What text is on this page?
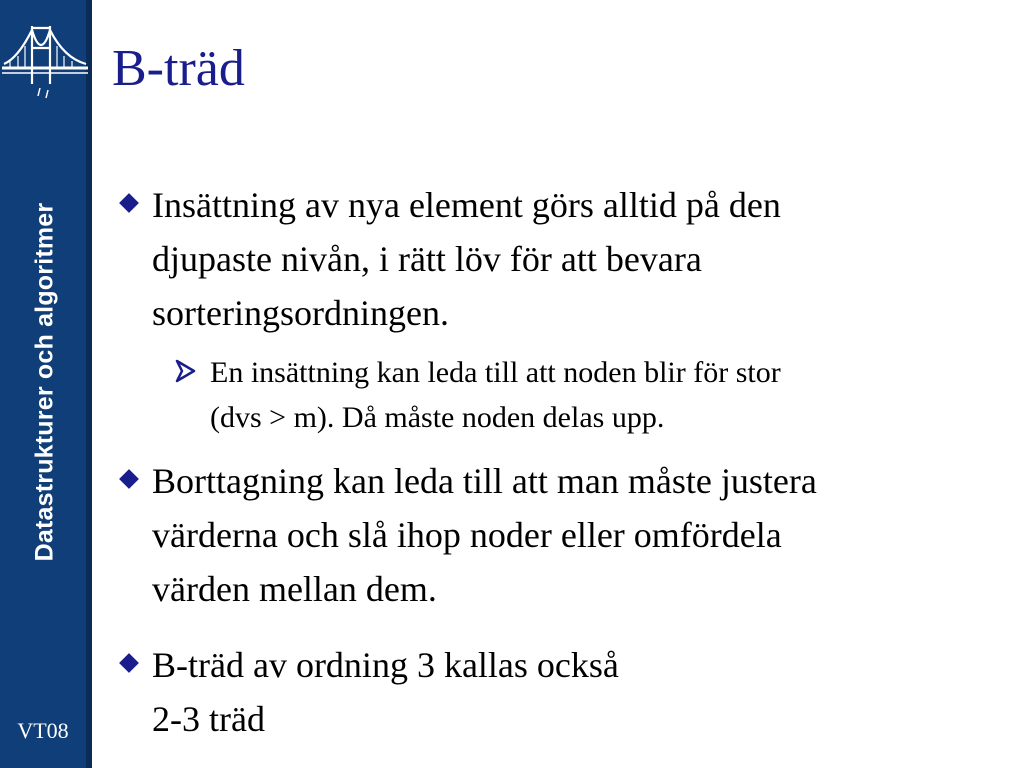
Datastrukturer och algoritmer
VT08
B-träd
Insättning av nya element görs alltid på den
djupaste nivån, i rätt löv för att bevara
sorteringsordningen.
En insättning kan leda till att noden blir för stor
(dvs > m). Då måste noden delas upp.
Borttagning kan leda till att man måste justera
värderna och slå ihop noder eller omfördela
värden mellan dem.
B-träd av ordning 3 kallas också
2-3 träd
